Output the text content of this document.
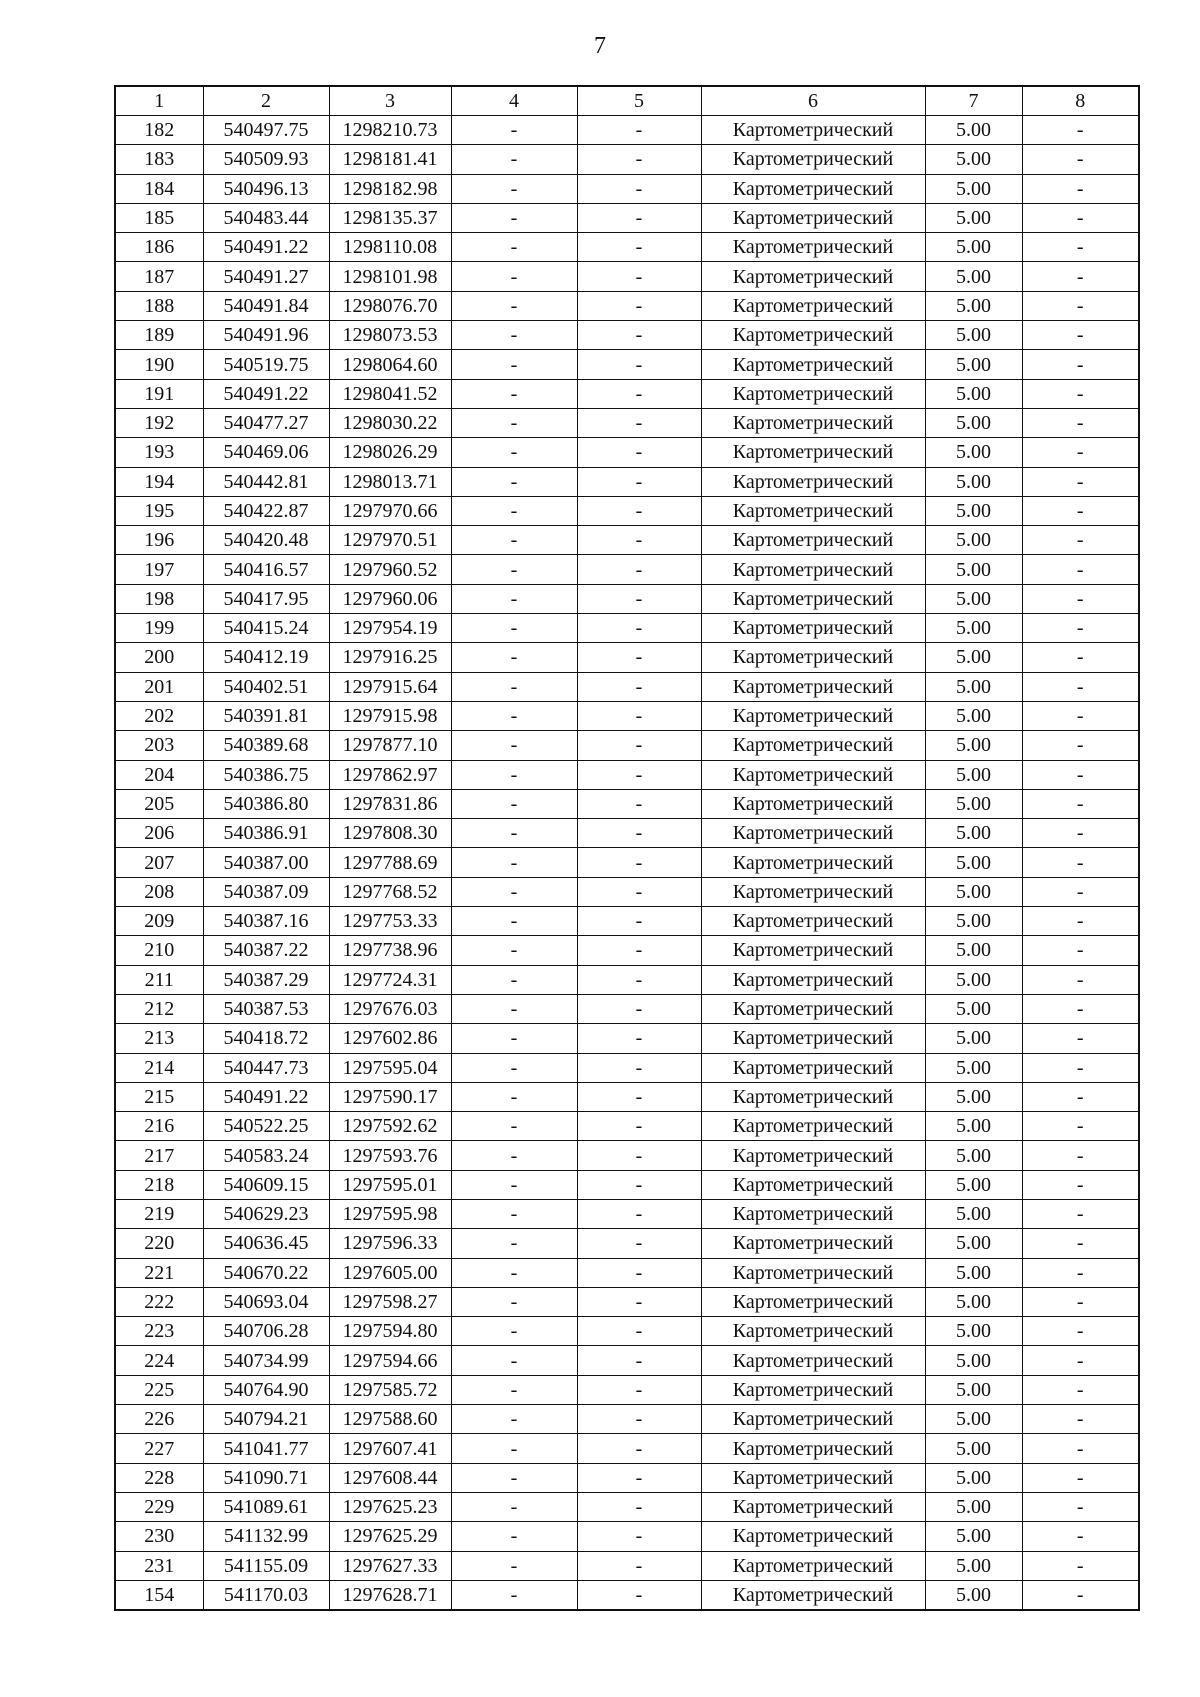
7
1	2	3	4	5	6	7	8
182	540497.75	1298210.73	-	-	Картометрический	5.00	-
183	540509.93	1298181.41	-	-	Картометрический	5.00	-
184	540496.13	1298182.98	-	-	Картометрический	5.00	-
185	540483.44	1298135.37	-	-	Картометрический	5.00	-
186	540491.22	1298110.08	-	-	Картометрический	5.00	-
187	540491.27	1298101.98	-	-	Картометрический	5.00	-
188	540491.84	1298076.70	-	-	Картометрический	5.00	-
189	540491.96	1298073.53	-	-	Картометрический	5.00	-
190	540519.75	1298064.60	-	-	Картометрический	5.00	-
191	540491.22	1298041.52	-	-	Картометрический	5.00	-
192	540477.27	1298030.22	-	-	Картометрический	5.00	-
193	540469.06	1298026.29	-	-	Картометрический	5.00	-
194	540442.81	1298013.71	-	-	Картометрический	5.00	-
195	540422.87	1297970.66	-	-	Картометрический	5.00	-
196	540420.48	1297970.51	-	-	Картометрический	5.00	-
197	540416.57	1297960.52	-	-	Картометрический	5.00	-
198	540417.95	1297960.06	-	-	Картометрический	5.00	-
199	540415.24	1297954.19	-	-	Картометрический	5.00	-
200	540412.19	1297916.25	-	-	Картометрический	5.00	-
201	540402.51	1297915.64	-	-	Картометрический	5.00	-
202	540391.81	1297915.98	-	-	Картометрический	5.00	-
203	540389.68	1297877.10	-	-	Картометрический	5.00	-
204	540386.75	1297862.97	-	-	Картометрический	5.00	-
205	540386.80	1297831.86	-	-	Картометрический	5.00	-
206	540386.91	1297808.30	-	-	Картометрический	5.00	-
207	540387.00	1297788.69	-	-	Картометрический	5.00	-
208	540387.09	1297768.52	-	-	Картометрический	5.00	-
209	540387.16	1297753.33	-	-	Картометрический	5.00	-
210	540387.22	1297738.96	-	-	Картометрический	5.00	-
211	540387.29	1297724.31	-	-	Картометрический	5.00	-
212	540387.53	1297676.03	-	-	Картометрический	5.00	-
213	540418.72	1297602.86	-	-	Картометрический	5.00	-
214	540447.73	1297595.04	-	-	Картометрический	5.00	-
215	540491.22	1297590.17	-	-	Картометрический	5.00	-
216	540522.25	1297592.62	-	-	Картометрический	5.00	-
217	540583.24	1297593.76	-	-	Картометрический	5.00	-
218	540609.15	1297595.01	-	-	Картометрический	5.00	-
219	540629.23	1297595.98	-	-	Картометрический	5.00	-
220	540636.45	1297596.33	-	-	Картометрический	5.00	-
221	540670.22	1297605.00	-	-	Картометрический	5.00	-
222	540693.04	1297598.27	-	-	Картометрический	5.00	-
223	540706.28	1297594.80	-	-	Картометрический	5.00	-
224	540734.99	1297594.66	-	-	Картометрический	5.00	-
225	540764.90	1297585.72	-	-	Картометрический	5.00	-
226	540794.21	1297588.60	-	-	Картометрический	5.00	-
227	541041.77	1297607.41	-	-	Картометрический	5.00	-
228	541090.71	1297608.44	-	-	Картометрический	5.00	-
229	541089.61	1297625.23	-	-	Картометрический	5.00	-
230	541132.99	1297625.29	-	-	Картометрический	5.00	-
231	541155.09	1297627.33	-	-	Картометрический	5.00	-
154	541170.03	1297628.71	-	-	Картометрический	5.00	-
